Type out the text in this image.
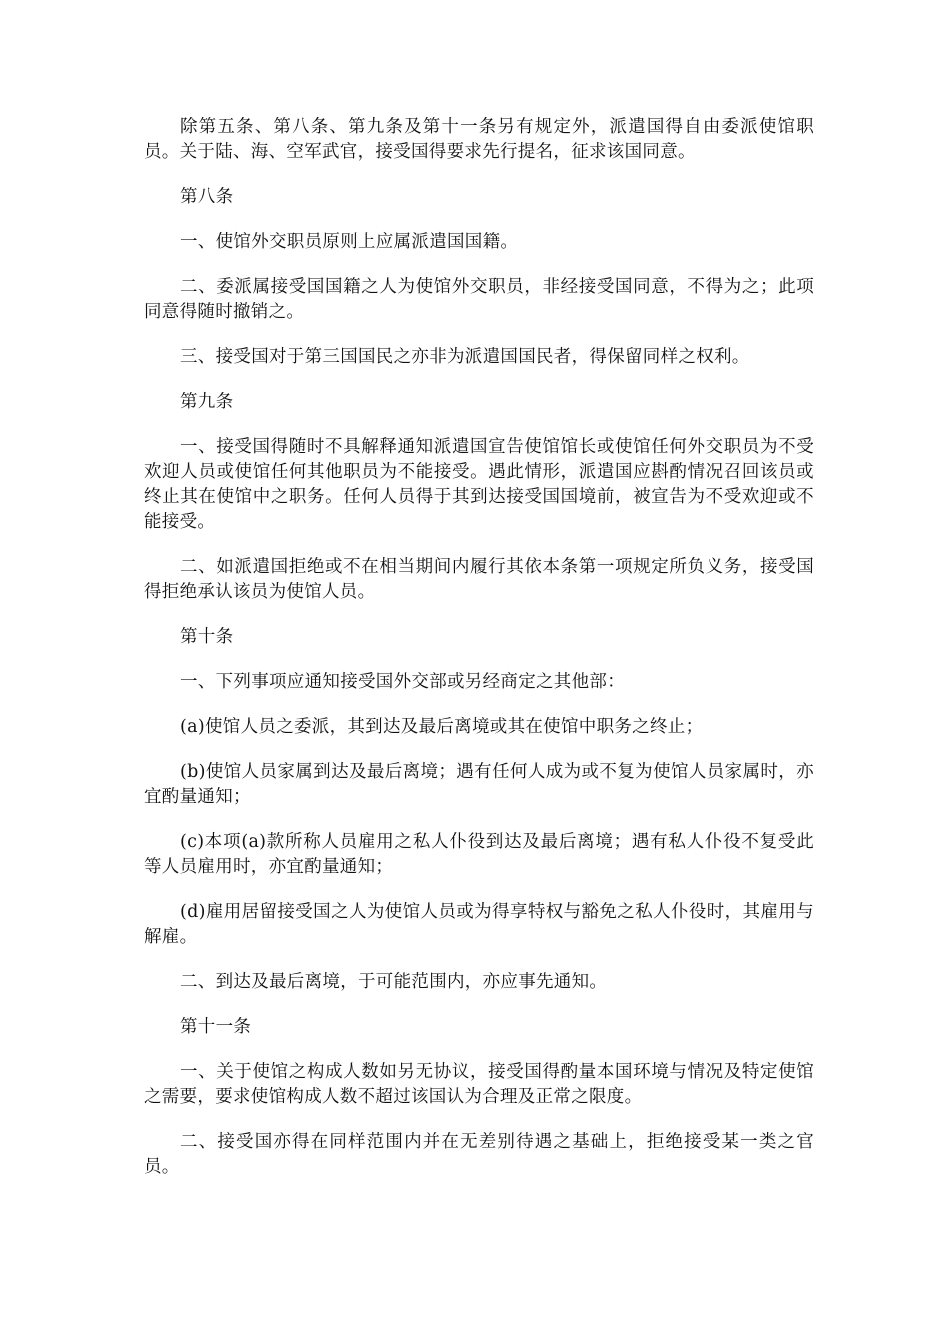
除第五条、第八条、第九条及第十一条另有规定外，派遣国得自由委派使馆职员。关于陆、海、空军武官，接受国得要求先行提名，征求该国同意。

第八条

一、使馆外交职员原则上应属派遣国国籍。

二、委派属接受国国籍之人为使馆外交职员，非经接受国同意，不得为之；此项同意得随时撤销之。

三、接受国对于第三国国民之亦非为派遣国国民者，得保留同样之权利。

第九条

一、接受国得随时不具解释通知派遣国宣告使馆馆长或使馆任何外交职员为不受欢迎人员或使馆任何其他职员为不能接受。遇此情形，派遣国应斟酌情况召回该员或终止其在使馆中之职务。任何人员得于其到达接受国国境前，被宣告为不受欢迎或不能接受。

二、如派遣国拒绝或不在相当期间内履行其依本条第一项规定所负义务，接受国得拒绝承认该员为使馆人员。

第十条

一、下列事项应通知接受国外交部或另经商定之其他部：

(a)使馆人员之委派，其到达及最后离境或其在使馆中职务之终止；

(b)使馆人员家属到达及最后离境；遇有任何人成为或不复为使馆人员家属时，亦宜酌量通知；

(c)本项(a)款所称人员雇用之私人仆役到达及最后离境；遇有私人仆役不复受此等人员雇用时，亦宜酌量通知；

(d)雇用居留接受国之人为使馆人员或为得享特权与豁免之私人仆役时，其雇用与解雇。

二、到达及最后离境，于可能范围内，亦应事先通知。

第十一条

一、关于使馆之构成人数如另无协议，接受国得酌量本国环境与情况及特定使馆之需要，要求使馆构成人数不超过该国认为合理及正常之限度。

二、接受国亦得在同样范围内并在无差别待遇之基础上，拒绝接受某一类之官员。
